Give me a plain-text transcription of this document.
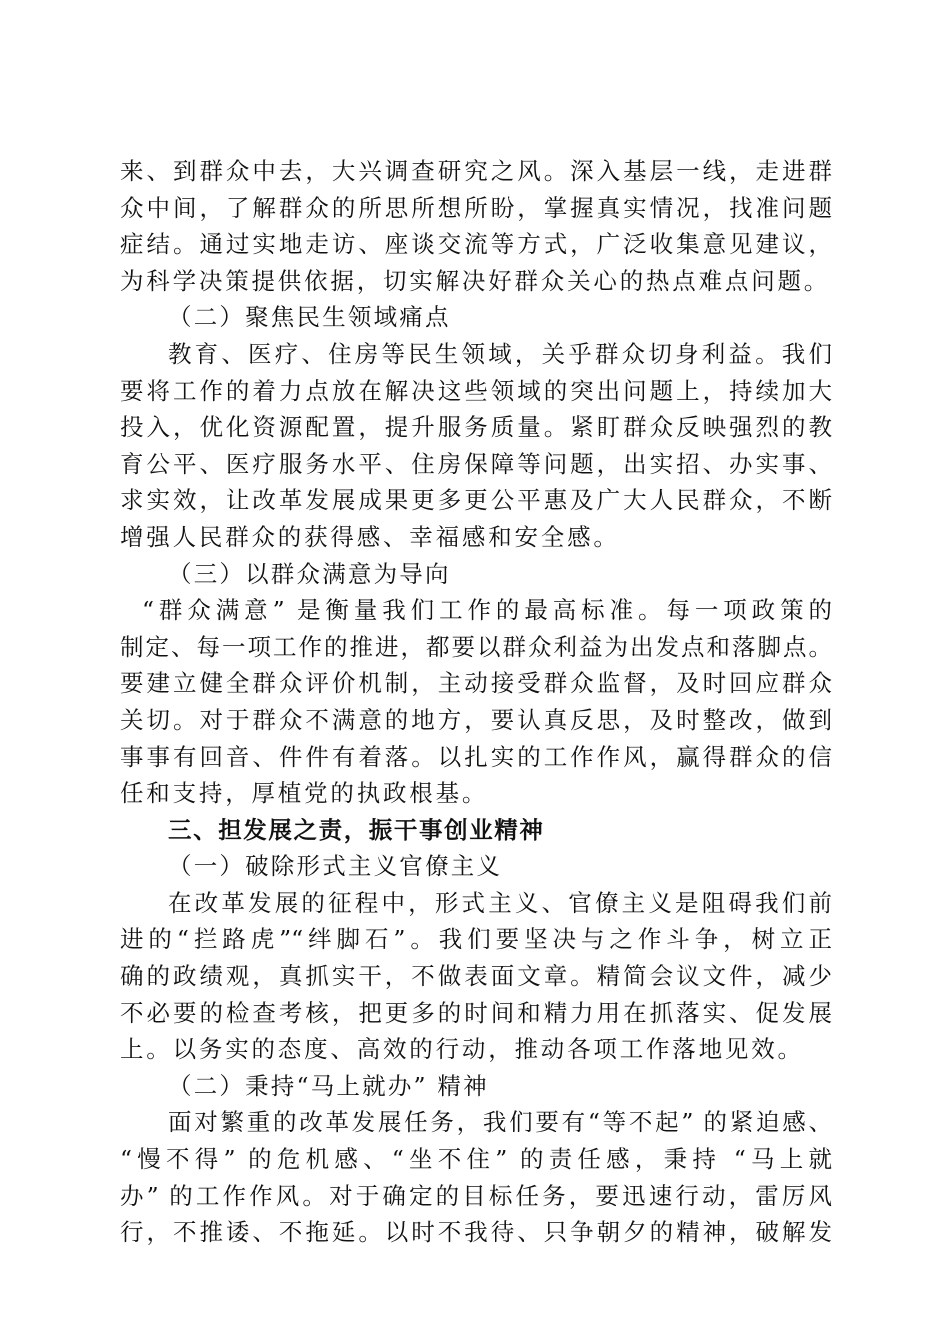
来、到群众中去，大兴调查研究之风。深入基层一线，走进群
众中间，了解群众的所思所想所盼，掌握真实情况，找准问题
症结。通过实地走访、座谈交流等方式，广泛收集意见建议，
为科学决策提供依据，切实解决好群众关心的热点难点问题。
（二）聚焦民生领域痛点
教育、医疗、住房等民生领域，关乎群众切身利益。我们
要将工作的着力点放在解决这些领域的突出问题上，持续加大
投入，优化资源配置，提升服务质量。紧盯群众反映强烈的教
育公平、医疗服务水平、住房保障等问题，出实招、办实事、
求实效，让改革发展成果更多更公平惠及广大人民群众，不断
增强人民群众的获得感、幸福感和安全感。
（三）以群众满意为导向
“群众满意” 是衡量我们工作的最高标准。每一项政策的
制定、每一项工作的推进，都要以群众利益为出发点和落脚点。
要建立健全群众评价机制，主动接受群众监督，及时回应群众
关切。对于群众不满意的地方，要认真反思，及时整改，做到
事事有回音、件件有着落。以扎实的工作作风，赢得群众的信
任和支持，厚植党的执政根基。
三、担发展之责，振干事创业精神
（一）破除形式主义官僚主义
在改革发展的征程中，形式主义、官僚主义是阻碍我们前
进的“拦路虎”“绊脚石”。我们要坚决与之作斗争，树立正
确的政绩观，真抓实干，不做表面文章。精简会议文件，减少
不必要的检查考核，把更多的时间和精力用在抓落实、促发展
上。以务实的态度、高效的行动，推动各项工作落地见效。
（二）秉持“马上就办” 精神
面对繁重的改革发展任务，我们要有“等不起” 的紧迫感、
“慢不得” 的危机感、“坐不住” 的责任感，秉持 “马上就
办” 的工作作风。对于确定的目标任务，要迅速行动，雷厉风
行，不推诿、不拖延。以时不我待、只争朝夕的精神，破解发
